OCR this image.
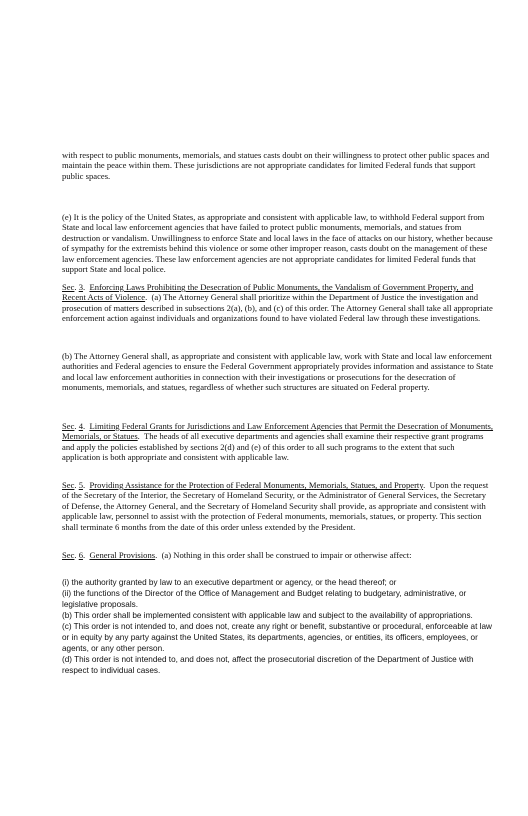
with respect to public monuments, memorials, and statues casts doubt on their willingness to protect other public spaces and maintain the peace within them. These jurisdictions are not appropriate candidates for limited Federal funds that support public spaces.

(e) It is the policy of the United States, as appropriate and consistent with applicable law, to withhold Federal support from State and local law enforcement agencies that have failed to protect public monuments, memorials, and statues from destruction or vandalism. Unwillingness to enforce State and local laws in the face of attacks on our history, whether because of sympathy for the extremists behind this violence or some other improper reason, casts doubt on the management of these law enforcement agencies. These law enforcement agencies are not appropriate candidates for limited Federal funds that support State and local police.

Sec. 3.  Enforcing Laws Prohibiting the Desecration of Public Monuments, the Vandalism of Government Property, and Recent Acts of Violence.  (a) The Attorney General shall prioritize within the Department of Justice the investigation and prosecution of matters described in subsections 2(a), (b), and (c) of this order. The Attorney General shall take all appropriate enforcement action against individuals and organizations found to have violated Federal law through these investigations.

(b) The Attorney General shall, as appropriate and consistent with applicable law, work with State and local law enforcement authorities and Federal agencies to ensure the Federal Government appropriately provides information and assistance to State and local law enforcement authorities in connection with their investigations or prosecutions for the desecration of monuments, memorials, and statues, regardless of whether such structures are situated on Federal property.

Sec. 4.  Limiting Federal Grants for Jurisdictions and Law Enforcement Agencies that Permit the Desecration of Monuments, Memorials, or Statues.  The heads of all executive departments and agencies shall examine their respective grant programs and apply the policies established by sections 2(d) and (e) of this order to all such programs to the extent that such application is both appropriate and consistent with applicable law.

Sec. 5.  Providing Assistance for the Protection of Federal Monuments, Memorials, Statues, and Property.  Upon the request of the Secretary of the Interior, the Secretary of Homeland Security, or the Administrator of General Services, the Secretary of Defense, the Attorney General, and the Secretary of Homeland Security shall provide, as appropriate and consistent with applicable law, personnel to assist with the protection of Federal monuments, memorials, statues, or property. This section shall terminate 6 months from the date of this order unless extended by the President.

Sec. 6.  General Provisions.  (a) Nothing in this order shall be construed to impair or otherwise affect:

(i) the authority granted by law to an executive department or agency, or the head thereof; or

(ii) the functions of the Director of the Office of Management and Budget relating to budgetary, administrative, or legislative proposals.

(b) This order shall be implemented consistent with applicable law and subject to the availability of appropriations.

(c) This order is not intended to, and does not, create any right or benefit, substantive or procedural, enforceable at law or in equity by any party against the United States, its departments, agencies, or entities, its officers, employees, or agents, or any other person.

(d) This order is not intended to, and does not, affect the prosecutorial discretion of the Department of Justice with respect to individual cases.
